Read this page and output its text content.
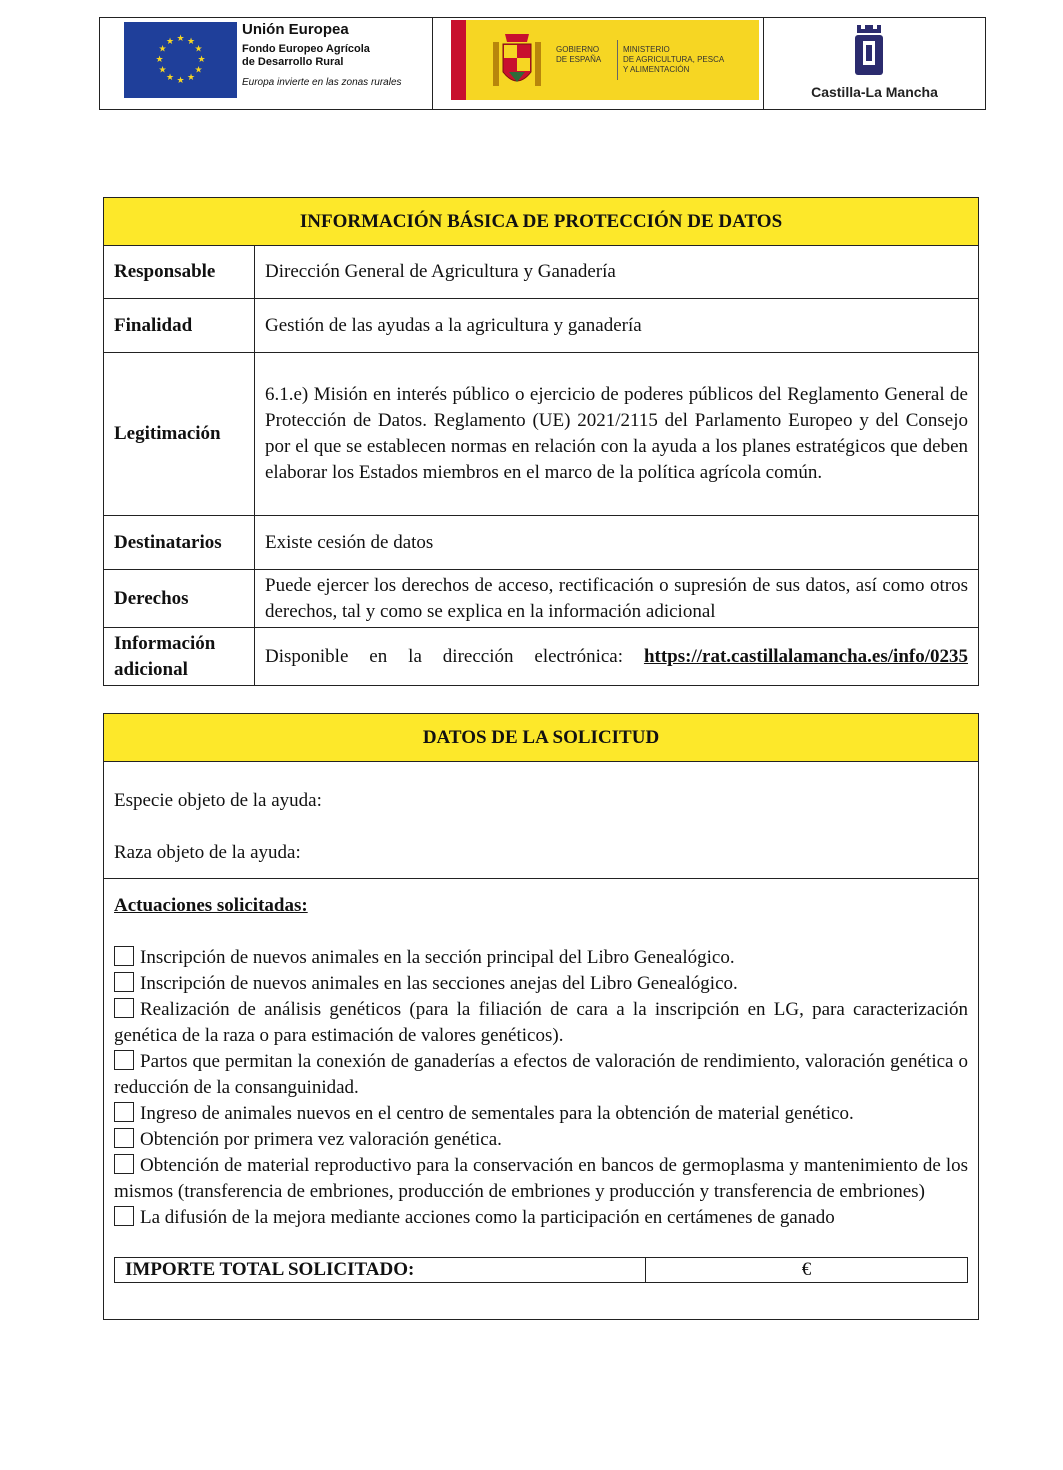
★ ★
★
★
★
★
★
★
★
★
★
★
Unión Europea
Fondo Europeo Agrícola
de Desarrollo Rural
Europa invierte en las zonas rurales
GOBIERNO
DE ESPAÑA
MINISTERIO
DE AGRICULTURA, PESCA
Y ALIMENTACIÓN
Castilla-La Mancha
INFORMACIÓN BÁSICA DE PROTECCIÓN DE DATOS	
Responsable	Dirección General de Agricultura y Ganadería
Finalidad	Gestión de las ayudas a la agricultura y ganadería
Legitimación	6.1.e) Misión en interés público o ejercicio de poderes públicos del Reglamento General de Protección de Datos. Reglamento (UE) 2021/2115 del Parlamento Europeo y del Consejo por el que se establecen normas en relación con la ayuda a los planes estratégicos que deben elaborar los Estados miembros en el marco de la política agrícola común.
Destinatarios	Existe cesión de datos
Derechos	Puede ejercer los derechos de acceso, rectificación o supresión de sus datos, así como otros derechos, tal y como se explica en la información adicional

Información
adicional	Disponible en la dirección electrónica: https://rat.castillalamancha.es/info/0235
DATOS DE LA SOLICITUD

Especie objeto de la ayuda:

Raza objeto de la ayuda:

Actuaciones solicitadas:

Inscripción de nuevos animales en la sección principal del Libro Genealógico.

Inscripción de nuevos animales en las secciones anejas del Libro Genealógico.

Realización de análisis genéticos (para la filiación de cara a la inscripción en LG, para caracterización genética de la raza o para estimación de valores genéticos).

Partos que permitan la conexión de ganaderías a efectos de valoración de rendimiento, valoración genética o reducción de la consanguinidad.

Ingreso de animales nuevos en el centro de sementales para la obtención de material genético.

Obtención por primera vez valoración genética.

Obtención de material reproductivo para la conservación en bancos de germoplasma y mantenimiento de los mismos (transferencia de embriones, producción de embriones y producción y transferencia de embriones)

La difusión de la mejora mediante acciones como la participación en certámenes de ganado

IMPORTE TOTAL SOLICITADO:	€
